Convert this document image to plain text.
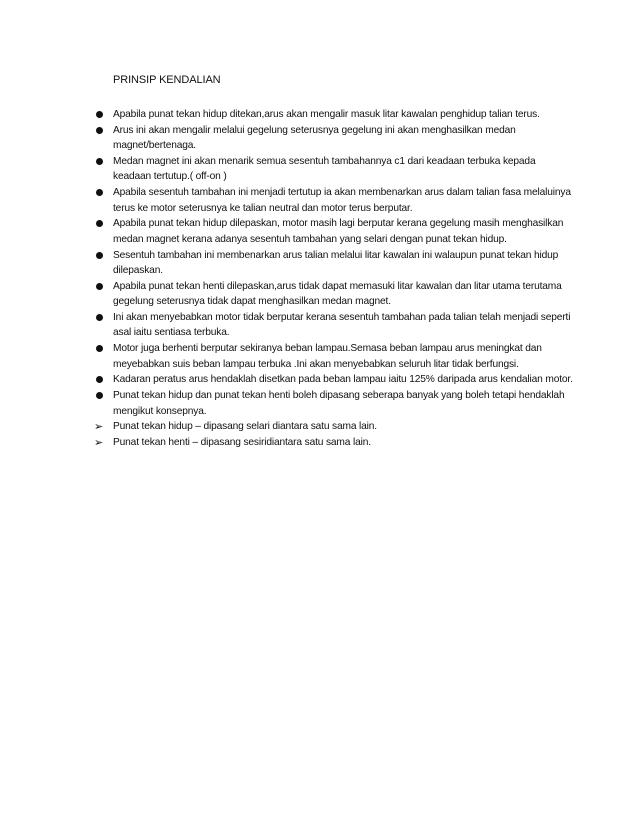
PRINSIP KENDALIAN
Apabila punat tekan hidup ditekan,arus akan mengalir masuk litar kawalan penghidup talian terus.
Arus ini akan mengalir melalui gegelung seterusnya gegelung ini akan menghasilkan medan magnet/bertenaga.
Medan magnet ini akan menarik semua sesentuh tambahannya c1 dari keadaan terbuka kepada keadaan tertutup.( off-on )
Apabila sesentuh tambahan ini menjadi tertutup ia akan membenarkan arus dalam talian fasa melaluinya terus ke motor seterusnya ke talian neutral dan motor terus berputar.
Apabila punat tekan hidup dilepaskan, motor masih lagi berputar kerana gegelung masih menghasilkan medan magnet kerana adanya sesentuh tambahan yang selari dengan punat tekan hidup.
Sesentuh tambahan ini membenarkan arus talian melalui litar kawalan ini walaupun punat tekan hidup dilepaskan.
Apabila punat tekan henti dilepaskan,arus tidak dapat memasuki litar kawalan dan litar utama terutama gegelung seterusnya tidak dapat menghasilkan medan magnet.
Ini akan menyebabkan motor tidak berputar kerana sesentuh tambahan pada talian telah menjadi seperti asal iaitu sentiasa terbuka.
Motor juga berhenti berputar sekiranya beban lampau.Semasa beban lampau arus meningkat dan meyebabkan suis beban lampau terbuka .Ini akan menyebabkan seluruh litar tidak berfungsi.
Kadaran peratus arus hendaklah disetkan pada beban lampau iaitu 125% daripada arus kendalian motor.
Punat tekan hidup dan punat tekan henti boleh dipasang seberapa banyak yang boleh tetapi hendaklah mengikut konsepnya.
➢ Punat tekan hidup – dipasang selari diantara satu sama lain.
➢ Punat tekan henti – dipasang sesiridiantara satu sama lain.
